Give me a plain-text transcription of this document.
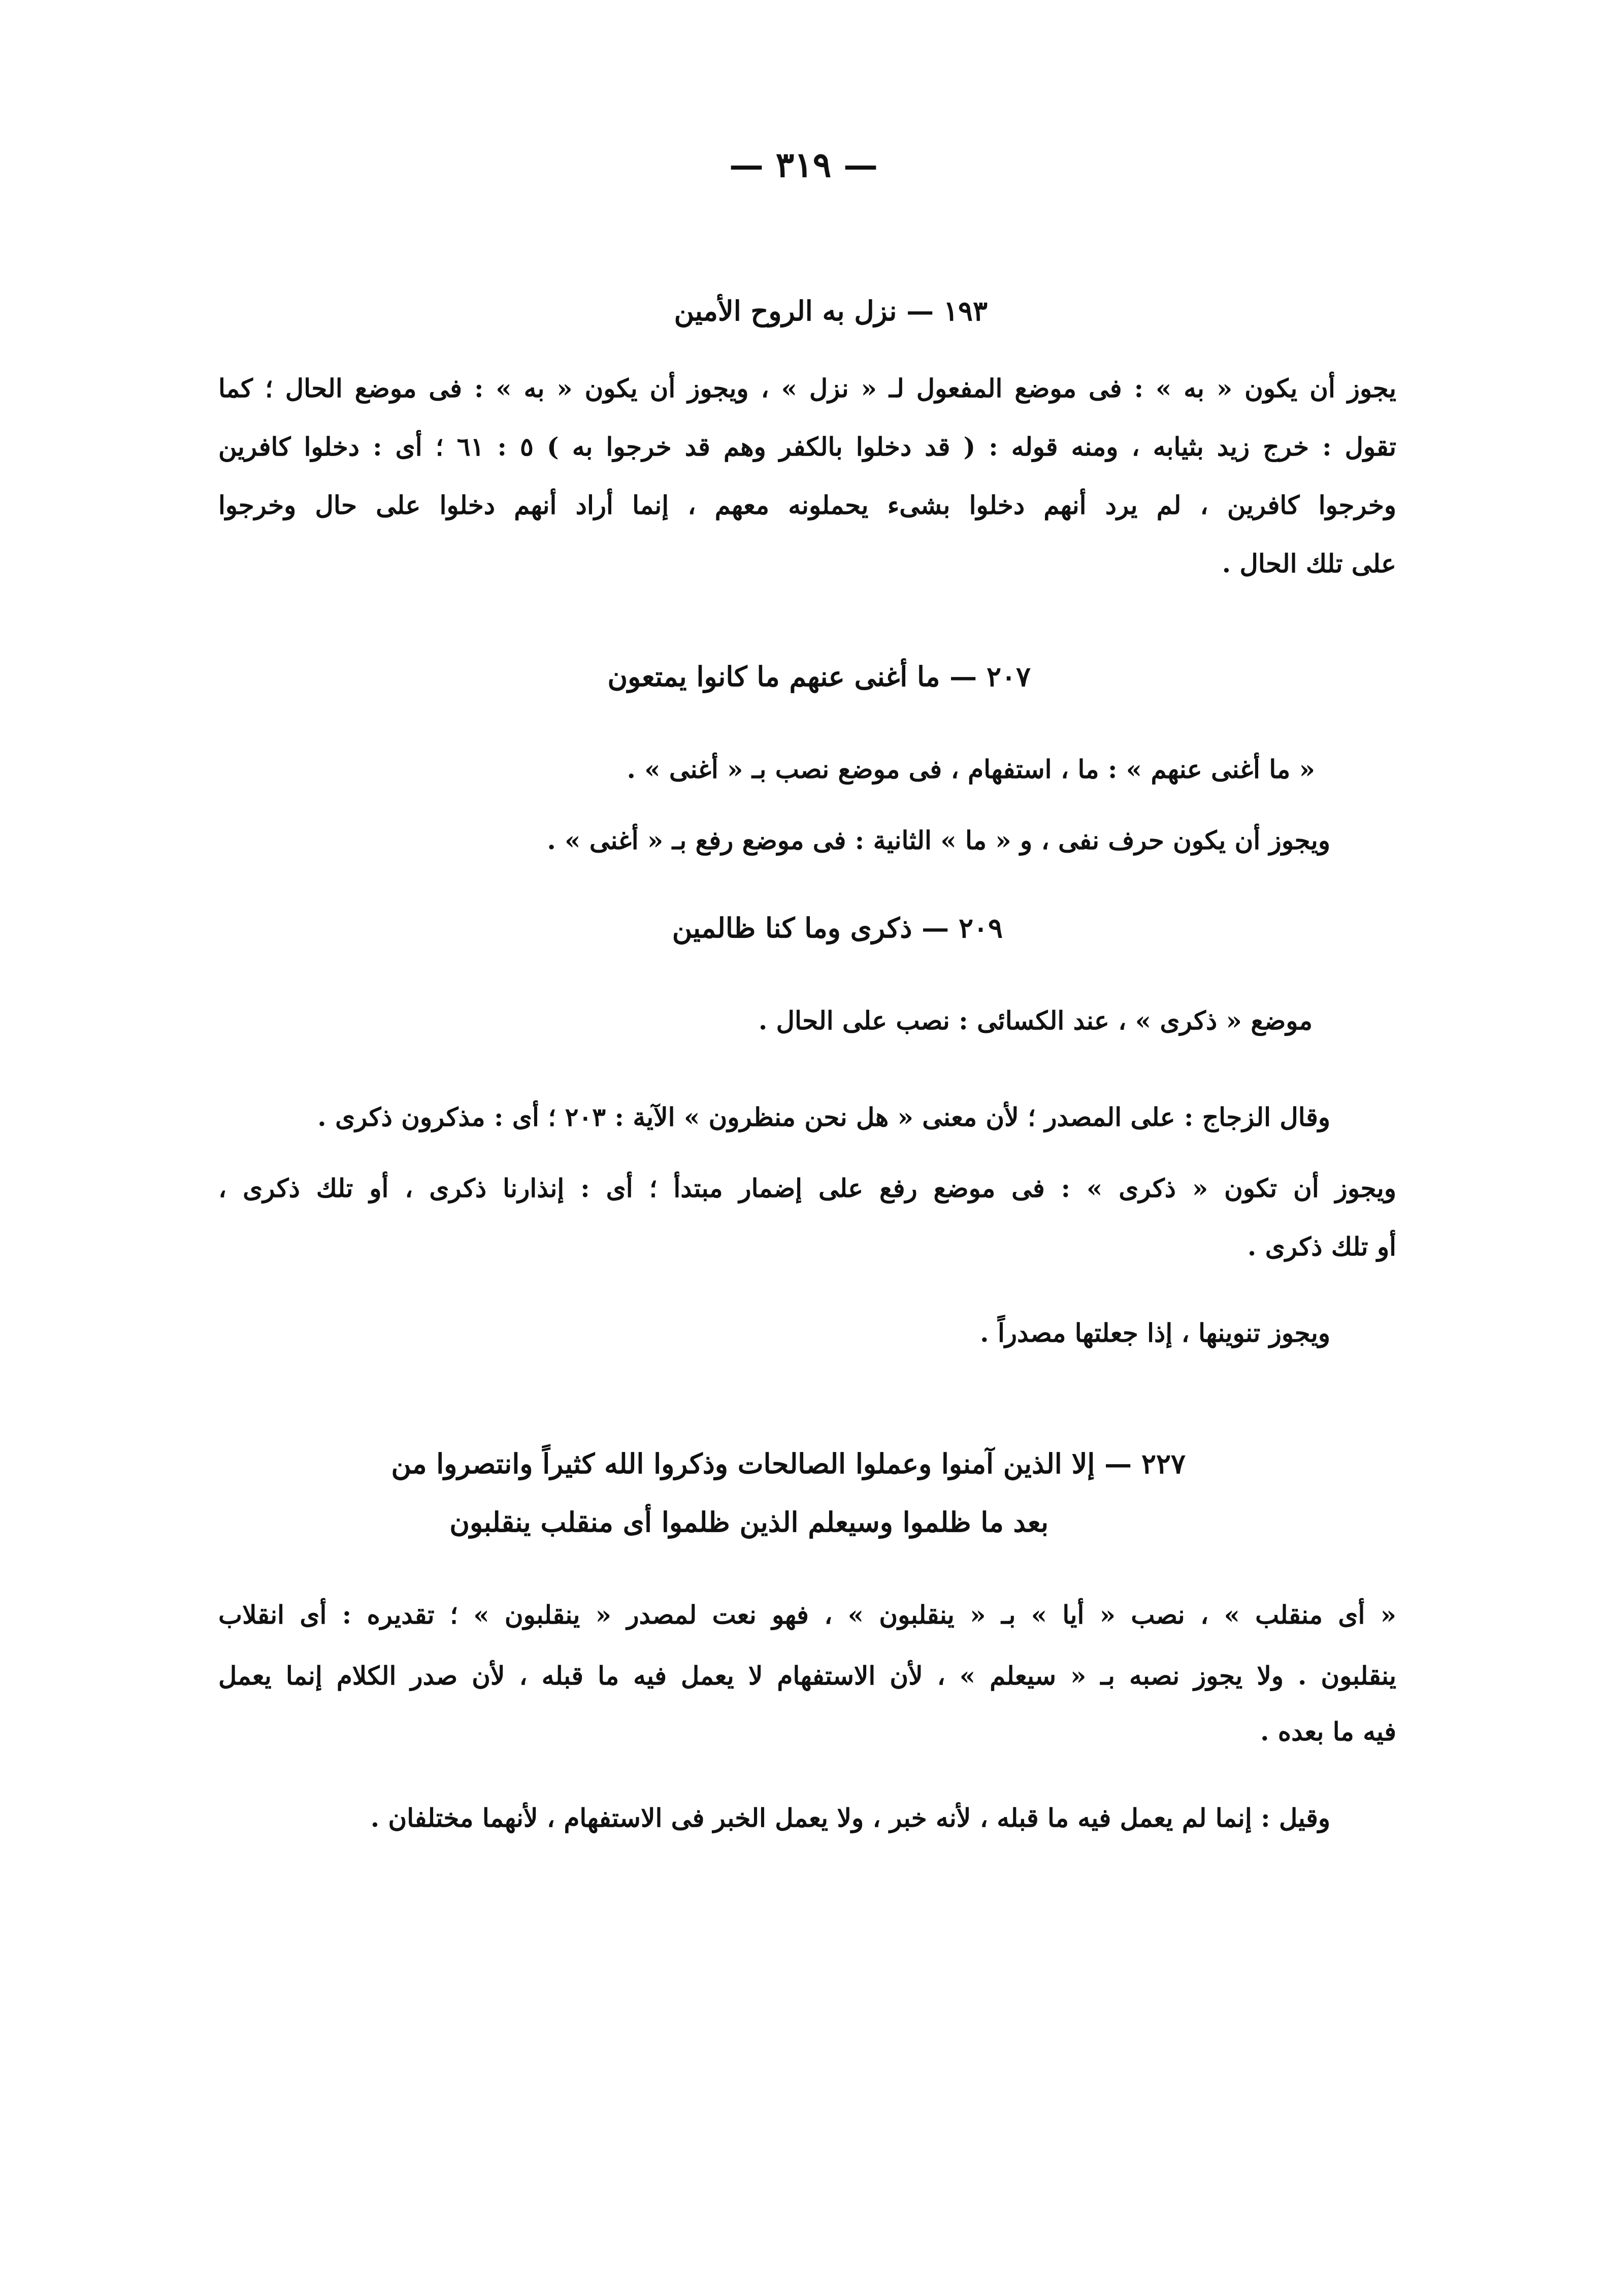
— ٣١٩ —
١٩٣ — نزل به الروح الأمين
يجوز أن يكون « به » : فى موضع المفعول لـ « نزل » ، ويجوز أن يكون « به » : فى موضع الحال ؛ كما
تقول : خرج زيد بثيابه ، ومنه قوله : ( قد دخلوا بالكفر وهم قد خرجوا به ) ٥ : ٦١ ؛ أى : دخلوا كافرين
وخرجوا كافرين ، لم يرد أنهم دخلوا بشىء يحملونه معهم ، إنما أراد أنهم دخلوا على حال وخرجوا
على تلك الحال .
٢٠٧ — ما أغنى عنهم ما كانوا يمتعون
« ما أغنى عنهم » : ما ، استفهام ، فى موضع نصب بـ « أغنى » .
ويجوز أن يكون حرف نفى ، و « ما » الثانية : فى موضع رفع بـ « أغنى » .
٢٠٩ — ذكرى وما كنا ظالمين
موضع « ذكرى » ، عند الكسائى : نصب على الحال .
وقال الزجاج : على المصدر ؛ لأن معنى « هل نحن منظرون » الآية : ٢٠٣ ؛ أى : مذكرون ذكرى .
ويجوز أن تكون « ذكرى » : فى موضع رفع على إضمار مبتدأ ؛ أى : إنذارنا ذكرى ، أو تلك ذكرى ،
أو تلك ذكرى .
ويجوز تنوينها ، إذا جعلتها مصدراً .
٢٢٧ — إلا الذين آمنوا وعملوا الصالحات وذكروا الله كثيراً وانتصروا من
بعد ما ظلموا وسيعلم الذين ظلموا أى منقلب ينقلبون
« أى منقلب » ، نصب « أيا » بـ « ينقلبون » ، فهو نعت لمصدر « ينقلبون » ؛ تقديره : أى انقلاب
ينقلبون . ولا يجوز نصبه بـ « سيعلم » ، لأن الاستفهام لا يعمل فيه ما قبله ، لأن صدر الكلام إنما يعمل
فيه ما بعده .
وقيل : إنما لم يعمل فيه ما قبله ، لأنه خبر ، ولا يعمل الخبر فى الاستفهام ، لأنهما مختلفان .
